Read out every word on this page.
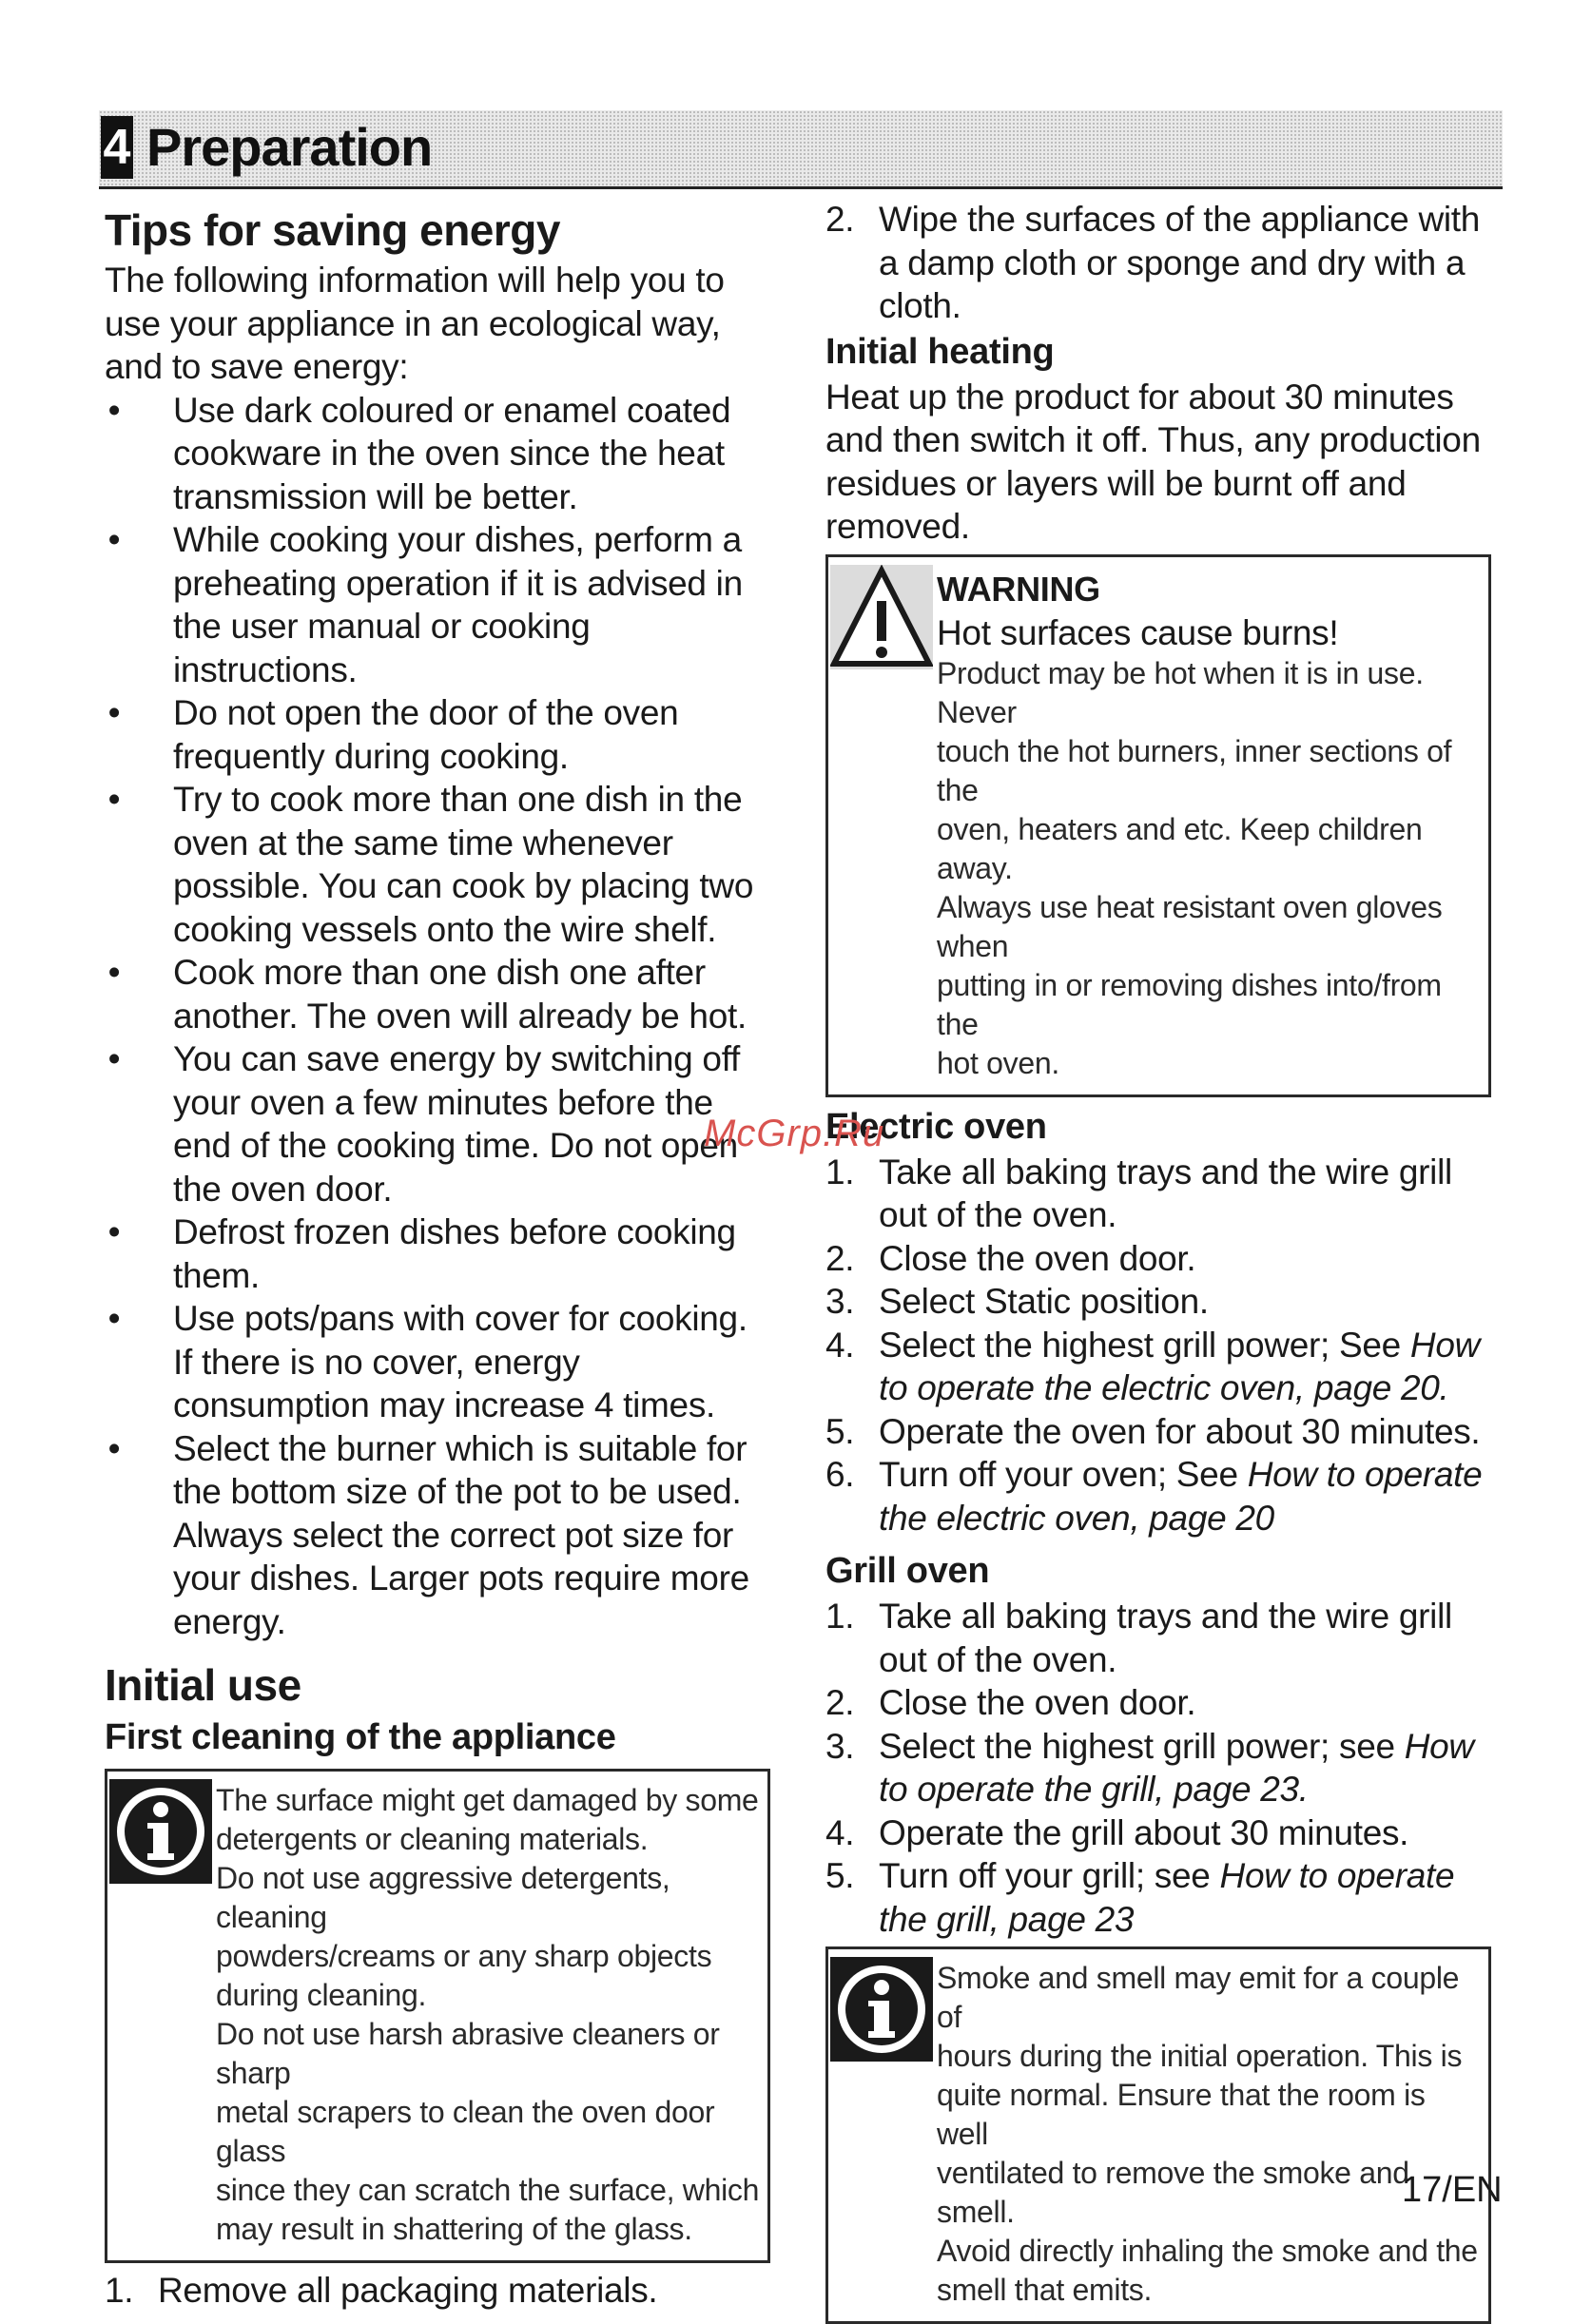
4 Preparation
Tips for saving energy

The following information will help you to use your appliance in an ecological way, and to save energy:

• Use dark coloured or enamel coated cookware in the oven since the heat transmission will be better.
• While cooking your dishes, perform a preheating operation if it is advised in the user manual or cooking instructions.
• Do not open the door of the oven frequently during cooking.
• Try to cook more than one dish in the oven at the same time whenever possible. You can cook by placing two cooking vessels onto the wire shelf.
• Cook more than one dish one after another. The oven will already be hot.
• You can save energy by switching off your oven a few minutes before the end of the cooking time. Do not open the oven door.
• Defrost frozen dishes before cooking them.
• Use pots/pans with cover for cooking. If there is no cover, energy consumption may increase 4 times.
• Select the burner which is suitable for the bottom size of the pot to be used. Always select the correct pot size for your dishes. Larger pots require more energy.
Initial use
First cleaning of the appliance
The surface might get damaged by some
detergents or cleaning materials.
Do not use aggressive detergents, cleaning
powders/creams or any sharp objects
during cleaning.
Do not use harsh abrasive cleaners or sharp
metal scrapers to clean the oven door glass
since they can scratch the surface, which
may result in shattering of the glass.
1. Remove all packaging materials.
2. Wipe the surfaces of the appliance with a damp cloth or sponge and dry with a cloth.
Initial heating

Heat up the product for about 30 minutes and then switch it off. Thus, any production residues or layers will be burnt off and removed.

WARNING
Hot surfaces cause burns!
Product may be hot when it is in use. Never
touch the hot burners, inner sections of the
oven, heaters and etc. Keep children away.
Always use heat resistant oven gloves when
putting in or removing dishes into/from the
hot oven.
Electric oven
1. Take all baking trays and the wire grill out of the oven.
2. Close the oven door.
3. Select Static position.
4. Select the highest grill power; See How to operate the electric oven, page 20.
5. Operate the oven for about 30 minutes.
6. Turn off your oven; See How to operate the electric oven, page 20
Grill oven
1. Take all baking trays and the wire grill out of the oven.
2. Close the oven door.
3. Select the highest grill power; see How to operate the grill, page 23.
4. Operate the grill about 30 minutes.
5. Turn off your grill; see How to operate the grill, page 23
Smoke and smell may emit for a couple of
hours during the initial operation. This is
quite normal. Ensure that the room is well
ventilated to remove the smoke and smell.
Avoid directly inhaling the smoke and the
smell that emits.
McGrp.Ru
17/EN
